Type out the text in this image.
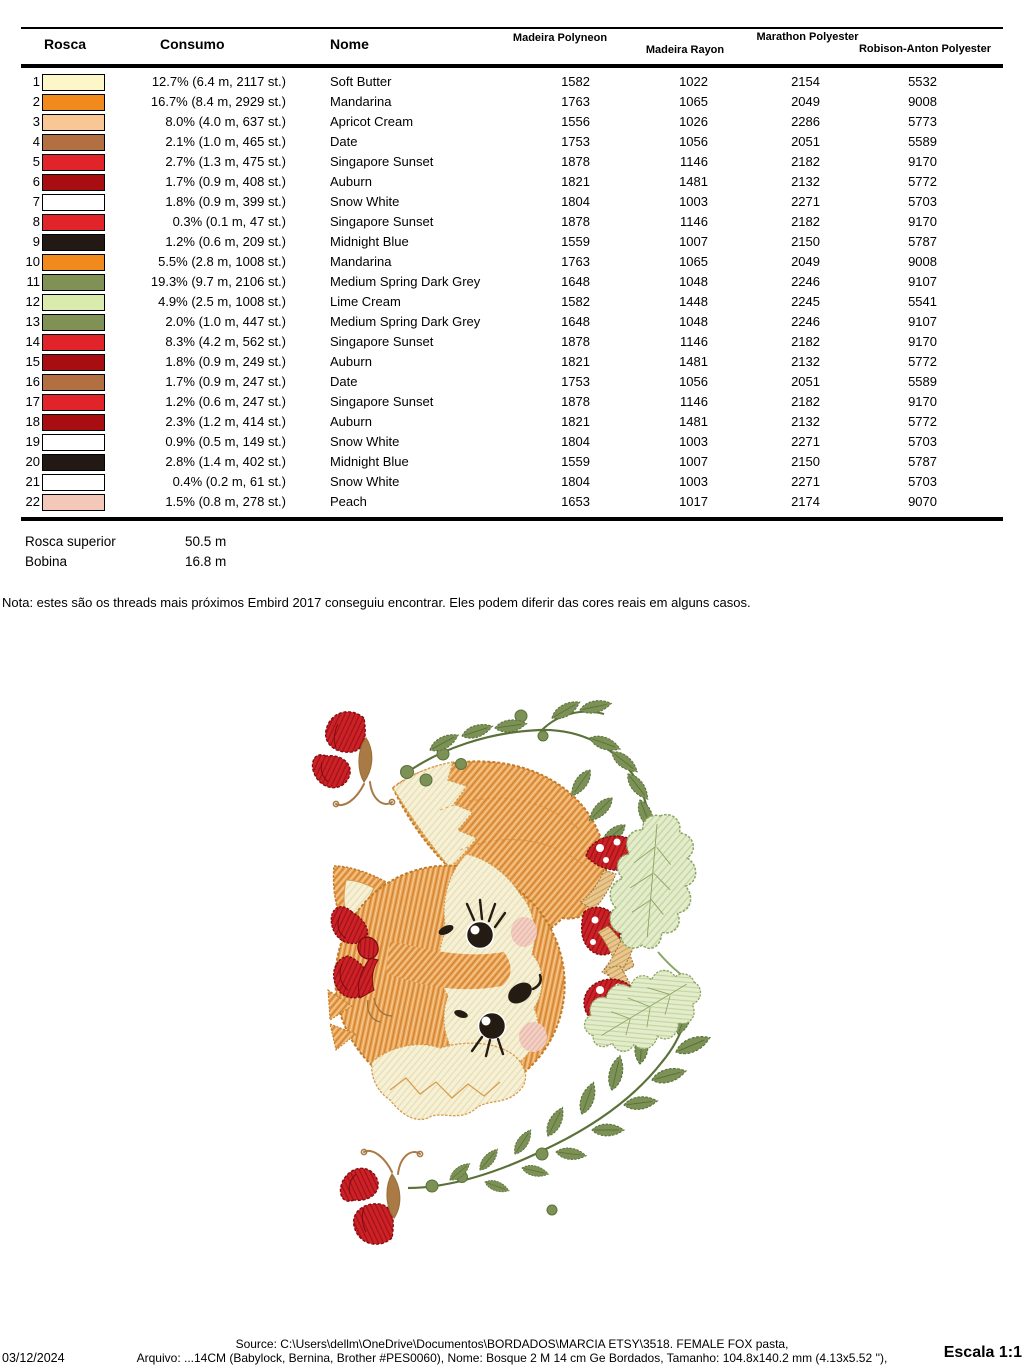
Rosca	Consumo	Nome	Madeira Polyneon
Madeira Rayon
Marathon Polyester
Robison-Anton Polyester
1	12.7% (6.4 m, 2117 st.)	Soft Butter	1582	1022	2154	5532
2	16.7% (8.4 m, 2929 st.)	Mandarina	1763	1065	2049	9008
3	8.0% (4.0 m, 637 st.)	Apricot Cream	1556	1026	2286	5773
4	2.1% (1.0 m, 465 st.)	Date	1753	1056	2051	5589
5	2.7% (1.3 m, 475 st.)	Singapore Sunset	1878	1146	2182	9170
6	1.7% (0.9 m, 408 st.)	Auburn	1821	1481	2132	5772
7	1.8% (0.9 m, 399 st.)	Snow White	1804	1003	2271	5703
8	0.3% (0.1 m, 47 st.)	Singapore Sunset	1878	1146	2182	9170
9	1.2% (0.6 m, 209 st.)	Midnight Blue	1559	1007	2150	5787
10	5.5% (2.8 m, 1008 st.)	Mandarina	1763	1065	2049	9008
11	19.3% (9.7 m, 2106 st.)	Medium Spring Dark Grey	1648	1048	2246	9107
12	4.9% (2.5 m, 1008 st.)	Lime Cream	1582	1448	2245	5541
13	2.0% (1.0 m, 447 st.)	Medium Spring Dark Grey	1648	1048	2246	9107
14	8.3% (4.2 m, 562 st.)	Singapore Sunset	1878	1146	2182	9170
15	1.8% (0.9 m, 249 st.)	Auburn	1821	1481	2132	5772
16	1.7% (0.9 m, 247 st.)	Date	1753	1056	2051	5589
17	1.2% (0.6 m, 247 st.)	Singapore Sunset	1878	1146	2182	9170
18	2.3% (1.2 m, 414 st.)	Auburn	1821	1481	2132	5772
19	0.9% (0.5 m, 149 st.)	Snow White	1804	1003	2271	5703
20	2.8% (1.4 m, 402 st.)	Midnight Blue	1559	1007	2150	5787
21	0.4% (0.2 m, 61 st.)	Snow White	1804	1003	2271	5703
22	1.5% (0.8 m, 278 st.)	Peach	1653	1017	2174	9070
Rosca superior	50.5 m
Bobina	16.8 m
Nota: estes são os threads mais próximos Embird 2017 conseguiu encontrar. Eles podem diferir das cores reais em alguns casos.
Source: C:\Users\dellm\OneDrive\Documentos\BORDADOS\MARCIA ETSY\3518. FEMALE FOX pasta,
Arquivo: ...14CM (Babylock, Bernina, Brother #PES0060), Nome: Bosque 2 M 14 cm Ge Bordados, Tamanho: 104.8x140.2 mm (4.13x5.52 ''),
03/12/2024	Escala 1:1
